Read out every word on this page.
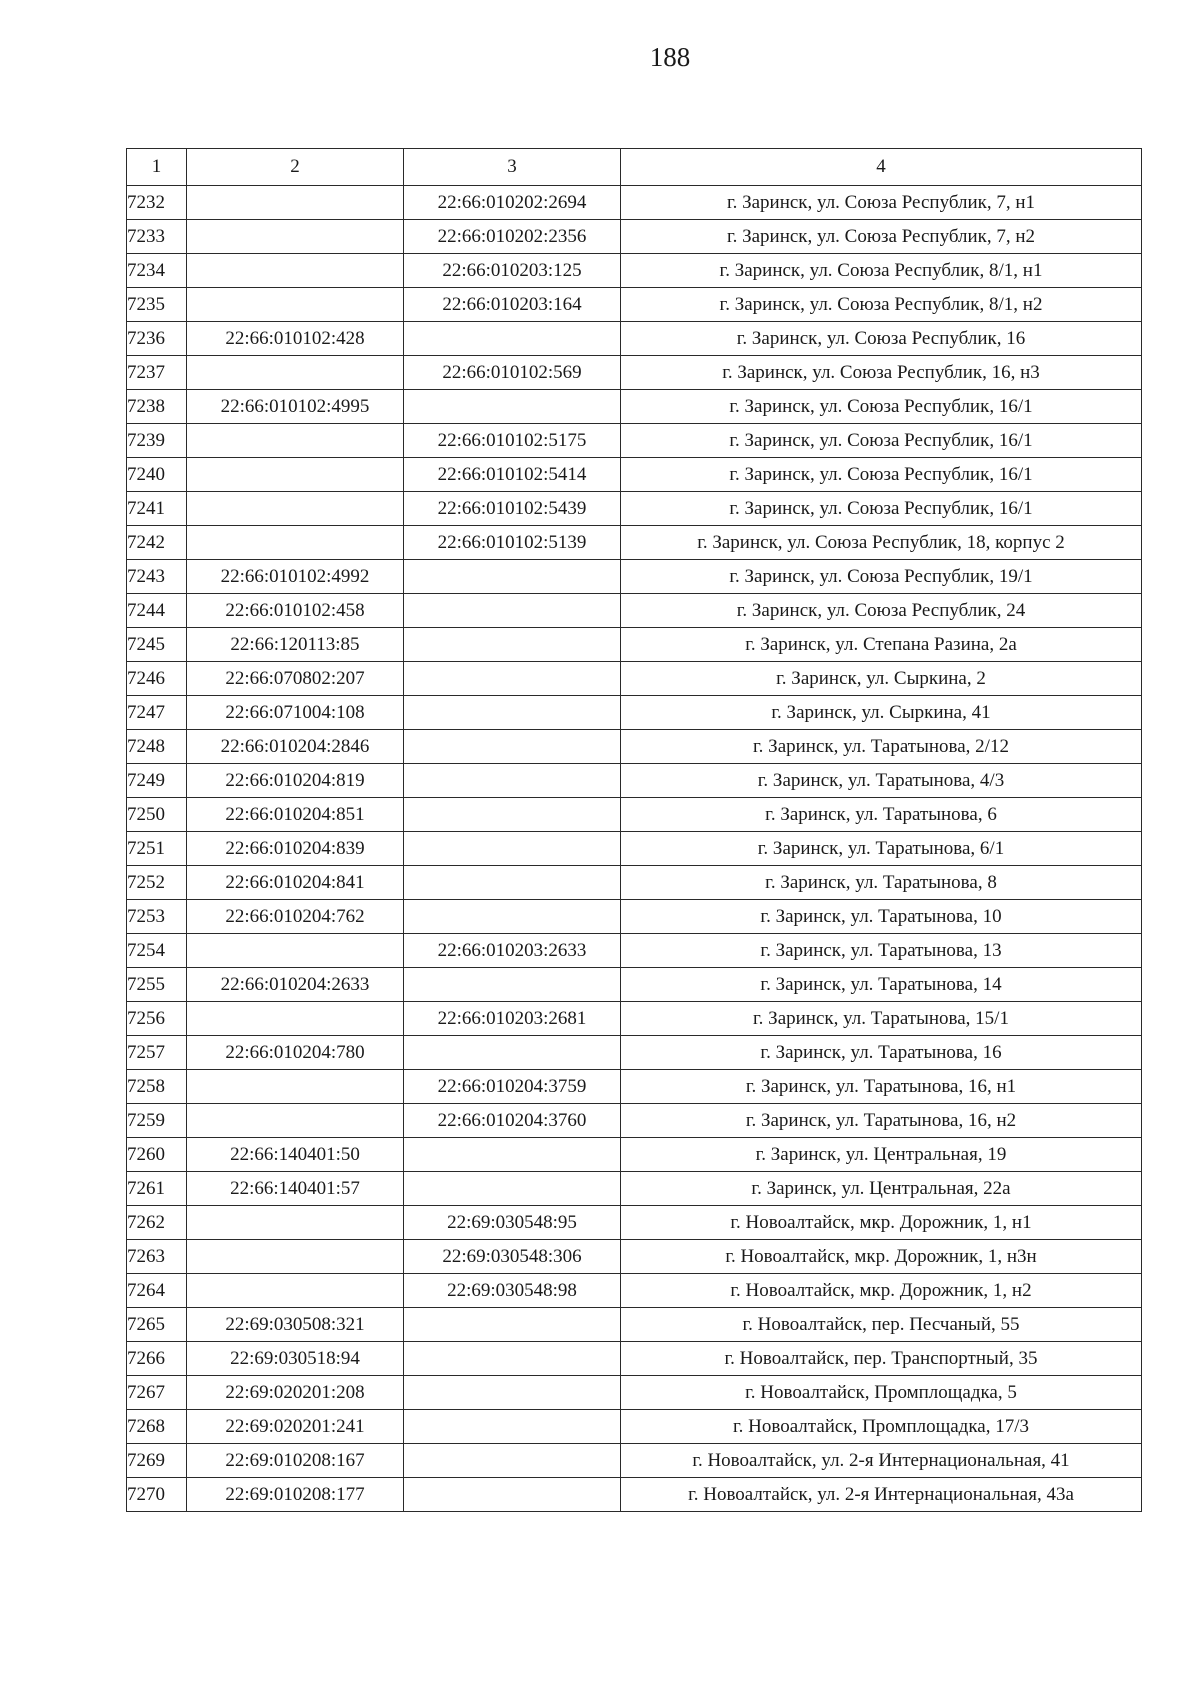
188
1	2	3	4
7232		22:66:010202:2694	г. Заринск, ул. Союза Республик, 7, н1
7233		22:66:010202:2356	г. Заринск, ул. Союза Республик, 7, н2
7234		22:66:010203:125	г. Заринск, ул. Союза Республик, 8/1, н1
7235		22:66:010203:164	г. Заринск, ул. Союза Республик, 8/1, н2
7236	22:66:010102:428		г. Заринск, ул. Союза Республик, 16
7237		22:66:010102:569	г. Заринск, ул. Союза Республик, 16, н3
7238	22:66:010102:4995		г. Заринск, ул. Союза Республик, 16/1
7239		22:66:010102:5175	г. Заринск, ул. Союза Республик, 16/1
7240		22:66:010102:5414	г. Заринск, ул. Союза Республик, 16/1
7241		22:66:010102:5439	г. Заринск, ул. Союза Республик, 16/1
7242		22:66:010102:5139	г. Заринск, ул. Союза Республик, 18, корпус 2
7243	22:66:010102:4992		г. Заринск, ул. Союза Республик, 19/1
7244	22:66:010102:458		г. Заринск, ул. Союза Республик, 24
7245	22:66:120113:85		г. Заринск, ул. Степана Разина, 2а
7246	22:66:070802:207		г. Заринск, ул. Сыркина, 2
7247	22:66:071004:108		г. Заринск, ул. Сыркина, 41
7248	22:66:010204:2846		г. Заринск, ул. Таратынова, 2/12
7249	22:66:010204:819		г. Заринск, ул. Таратынова, 4/3
7250	22:66:010204:851		г. Заринск, ул. Таратынова, 6
7251	22:66:010204:839		г. Заринск, ул. Таратынова, 6/1
7252	22:66:010204:841		г. Заринск, ул. Таратынова, 8
7253	22:66:010204:762		г. Заринск, ул. Таратынова, 10
7254		22:66:010203:2633	г. Заринск, ул. Таратынова, 13
7255	22:66:010204:2633		г. Заринск, ул. Таратынова, 14
7256		22:66:010203:2681	г. Заринск, ул. Таратынова, 15/1
7257	22:66:010204:780		г. Заринск, ул. Таратынова, 16
7258		22:66:010204:3759	г. Заринск, ул. Таратынова, 16, н1
7259		22:66:010204:3760	г. Заринск, ул. Таратынова, 16, н2
7260	22:66:140401:50		г. Заринск, ул. Центральная, 19
7261	22:66:140401:57		г. Заринск, ул. Центральная, 22а
7262		22:69:030548:95	г. Новоалтайск, мкр. Дорожник, 1, н1
7263		22:69:030548:306	г. Новоалтайск, мкр. Дорожник, 1, н3н
7264		22:69:030548:98	г. Новоалтайск, мкр. Дорожник, 1, н2
7265	22:69:030508:321		г. Новоалтайск, пер. Песчаный, 55
7266	22:69:030518:94		г. Новоалтайск, пер. Транспортный, 35
7267	22:69:020201:208		г. Новоалтайск, Промплощадка, 5
7268	22:69:020201:241		г. Новоалтайск, Промплощадка, 17/3
7269	22:69:010208:167		г. Новоалтайск, ул. 2-я Интернациональная, 41
7270	22:69:010208:177		г. Новоалтайск, ул. 2-я Интернациональная, 43а
